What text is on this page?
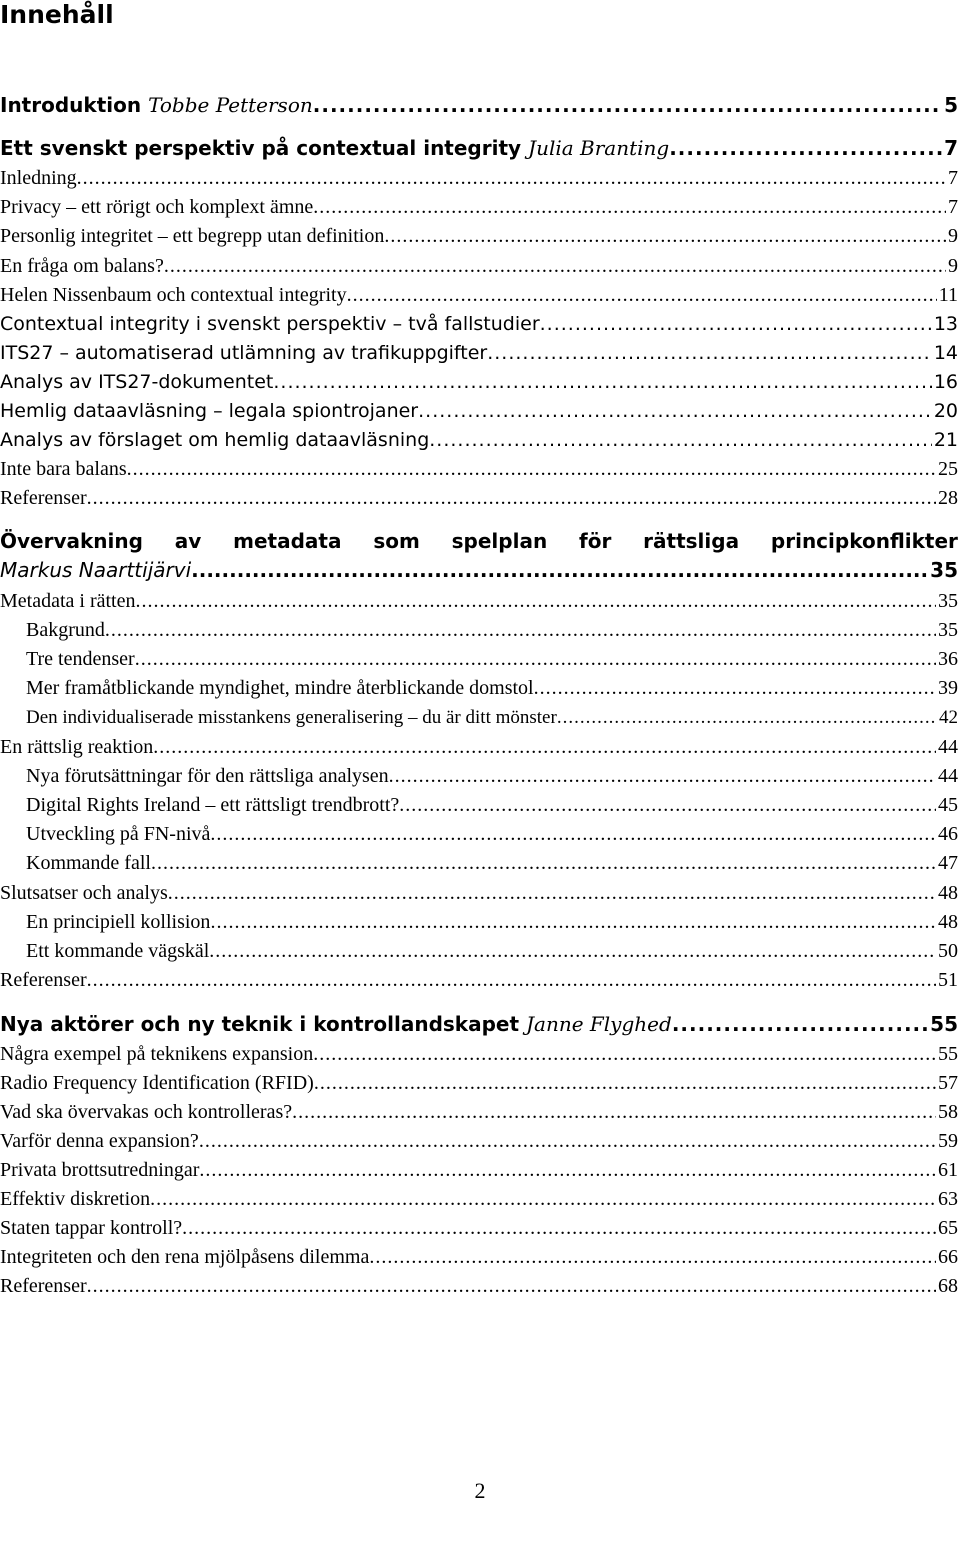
Innehåll
Introduktion
Tobbe Petterson .....	5
Ett svenskt perspektiv på contextual integrity
Julia Branting .....	7
Inledning .....	7
Privacy – ett rörigt och komplext ämne .....	7
Personlig integritet – ett begrepp utan definition .....	9
En fråga om balans? .....	9
Helen Nissenbaum och contextual integrity .....	11
Contextual integrity i svenskt perspektiv – två fallstudier .....	13
ITS27 – automatiserad utlämning av trafikuppgifter .....	14
Analys av ITS27-dokumentet .....	16
Hemlig dataavläsning – legala spiontrojaner .....	20
Analys av förslaget om hemlig dataavläsning .....	21
Inte bara balans .....	25
Referenser .....	28
Övervakning av metadata som spelplan för rättsliga principkonflikter
Markus Naarttijärvi .....	35
Metadata i rätten .....	35
Bakgrund .....	35
Tre tendenser .....	36
Mer framåtblickande myndighet, mindre återblickande domstol .....	39
Den individualiserade misstankens generalisering – du är ditt mönster .....	42
En rättslig reaktion .....	44
Nya förutsättningar för den rättsliga analysen .....	44
Digital Rights Ireland – ett rättsligt trendbrott? .....	45
Utveckling på FN-nivå .....	46
Kommande fall .....	47
Slutsatser och analys .....	48
En principiell kollision .....	48
Ett kommande vägskäl .....	50
Referenser .....	51
Nya aktörer och ny teknik i kontrollandskapet
Janne Flyghed .....	55
Några exempel på teknikens expansion .....	55
Radio Frequency Identification (RFID) .....	57
Vad ska övervakas och kontrolleras? .....	58
Varför denna expansion? .....	59
Privata brottsutredningar .....	61
Effektiv diskretion .....	63
Staten tappar kontroll? .....	65
Integriteten och den rena mjölpåsens dilemma .....	66
Referenser .....	68
2
